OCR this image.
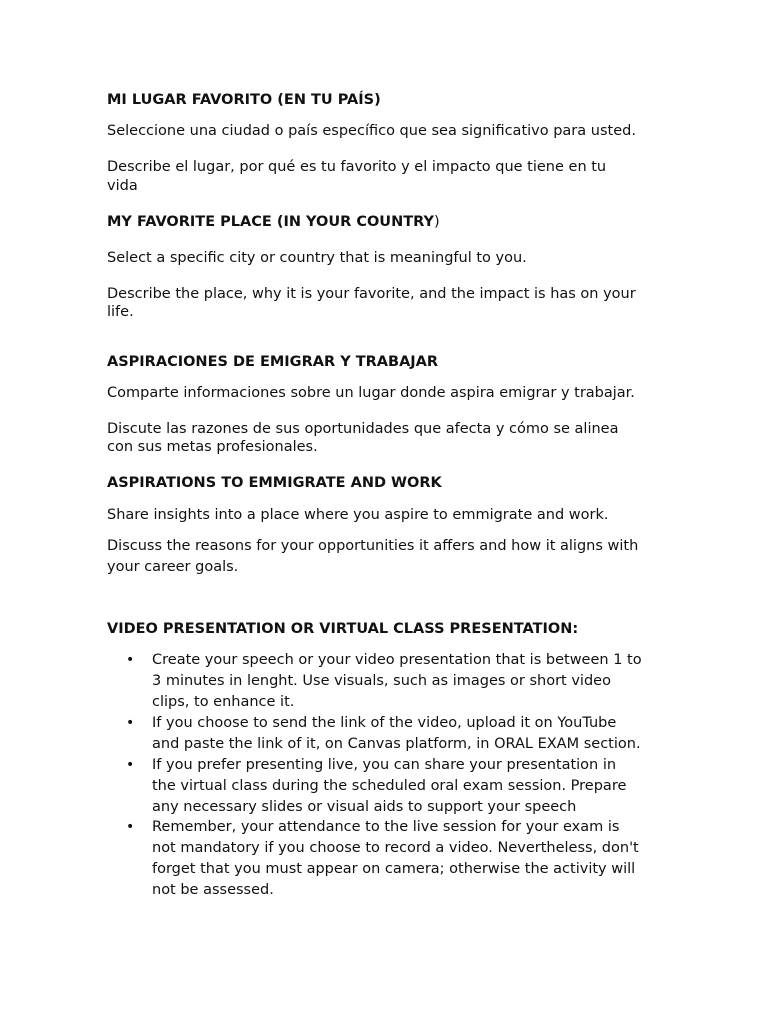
MI LUGAR FAVORITO (EN TU PAÍS)

Seleccione una ciudad o país específico que sea significativo para usted.

Describe el lugar, por qué es tu favorito y el impacto que tiene en tu

vida

MY FAVORITE PLACE (IN YOUR COUNTRY)

Select a specific city or country that is meaningful to you.

Describe the place, why it is your favorite, and the impact is has on your

life.

ASPIRACIONES DE EMIGRAR Y TRABAJAR

Comparte informaciones sobre un lugar donde aspira emigrar y trabajar.

Discute las razones de sus oportunidades que afecta y cómo se alinea

con sus metas profesionales.

ASPIRATIONS TO EMMIGRATE AND WORK

Share insights into a place where you aspire to emmigrate and work.

Discuss the reasons for your opportunities it affers and how it aligns with

your career goals.

VIDEO PRESENTATION OR VIRTUAL CLASS PRESENTATION:

• Create your speech or your video presentation that is between 1 to

3 minutes in lenght. Use visuals, such as images or short video

clips, to enhance it.

• If you choose to send the link of the video, upload it on YouTube

and paste the link of it, on Canvas platform, in ORAL EXAM section.

• If you prefer presenting live, you can share your presentation in

the virtual class during the scheduled oral exam session. Prepare

any necessary slides or visual aids to support your speech

• Remember, your attendance to the live session for your exam is

not mandatory if you choose to record a video. Nevertheless, don't

forget that you must appear on camera; otherwise the activity will

not be assessed.
